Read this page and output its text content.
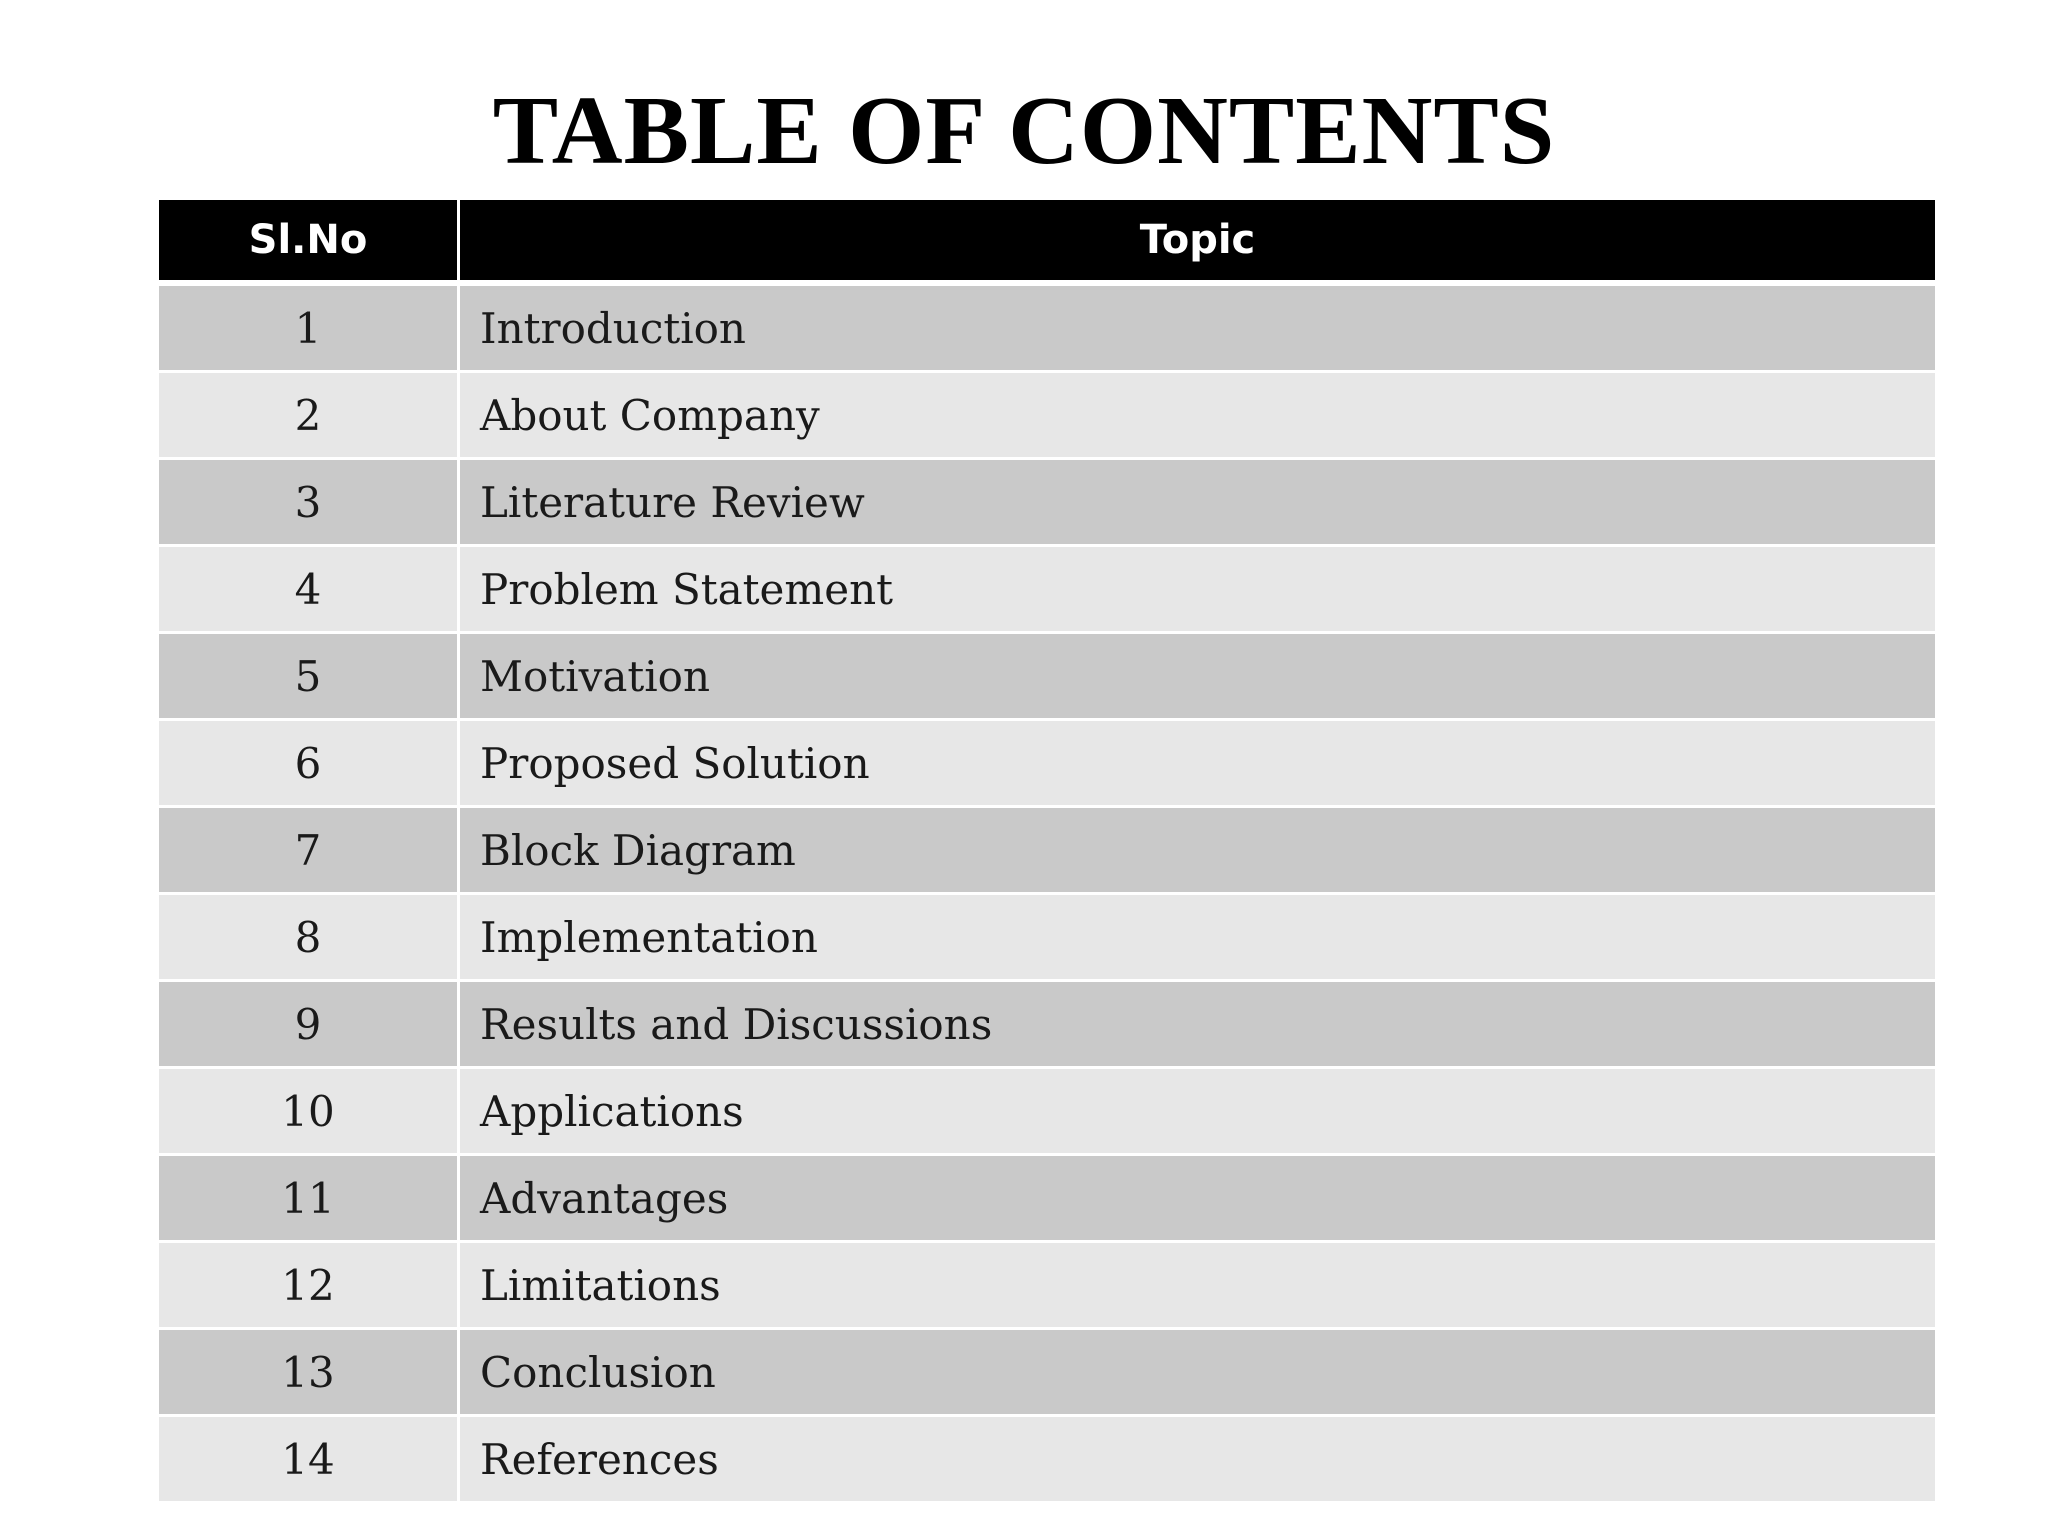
TABLE OF CONTENTS
Sl.No	Topic
1	Introduction
2	About Company
3	Literature Review
4	Problem Statement
5	Motivation
6	Proposed Solution
7	Block Diagram
8	Implementation
9	Results and Discussions
10	Applications
11	Advantages
12	Limitations
13	Conclusion
14	References
